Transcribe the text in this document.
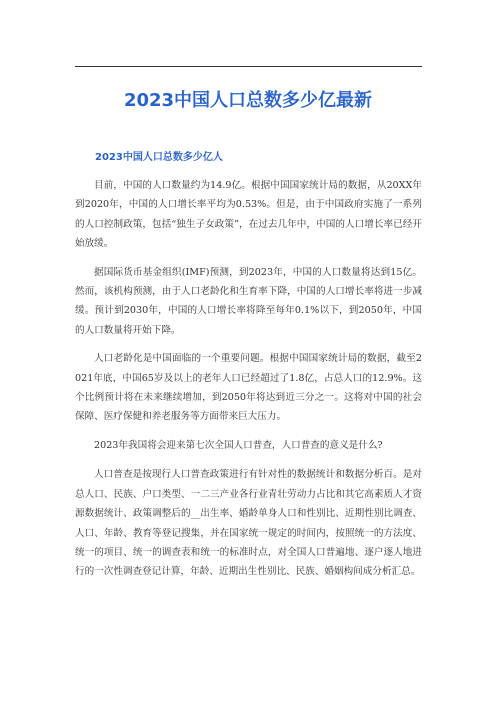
2023中国人口总数多少亿最新

2023中国人口总数多少亿人

目前，中国的人口数量约为14.9亿。根据中国国家统计局的数据，从20XX年到2020年，中国的人口增长率平均为0.53%。但是，由于中国政府实施了一系列的人口控制政策，包括“独生子女政策”，在过去几年中，中国的人口增长率已经开始放缓。

据国际货币基金组织(IMF)预测，到2023年，中国的人口数量将达到15亿。然而，该机构预测，由于人口老龄化和生育率下降，中国的人口增长率将进一步减缓。预计到2030年，中国的人口增长率将降至每年0.1%以下，到2050年，中国的人口数量将开始下降。

人口老龄化是中国面临的一个重要问题。根据中国国家统计局的数据，截至2021年底，中国65岁及以上的老年人口已经超过了1.8亿，占总人口的12.9%。这个比例预计将在未来继续增加，到2050年将达到近三分之一。这将对中国的社会保障、医疗保健和养老服务等方面带来巨大压力。

2023年我国将会迎来第七次全国人口普查，人口普查的意义是什么?

人口普查是按现行人口普查政策进行有针对性的数据统计和数据分析百。是对总人口、民族、户口类型、一二三产业各行业青壮劳动力占比和其它高素质人才资源数据统计、政策调整后的__出生率、婚龄单身人口和性别比、近期性别比调查、人口、年龄、教育等登记搜集，并在国家统一规定的时间内，按照统一的方法度、统一的项目、统一的调查表和统一的标准时点，对全国人口普遍地、逐户逐人地进行的一次性调查登记计算，年龄、近期出生性别比、民族、婚姻构间成分析汇总。
